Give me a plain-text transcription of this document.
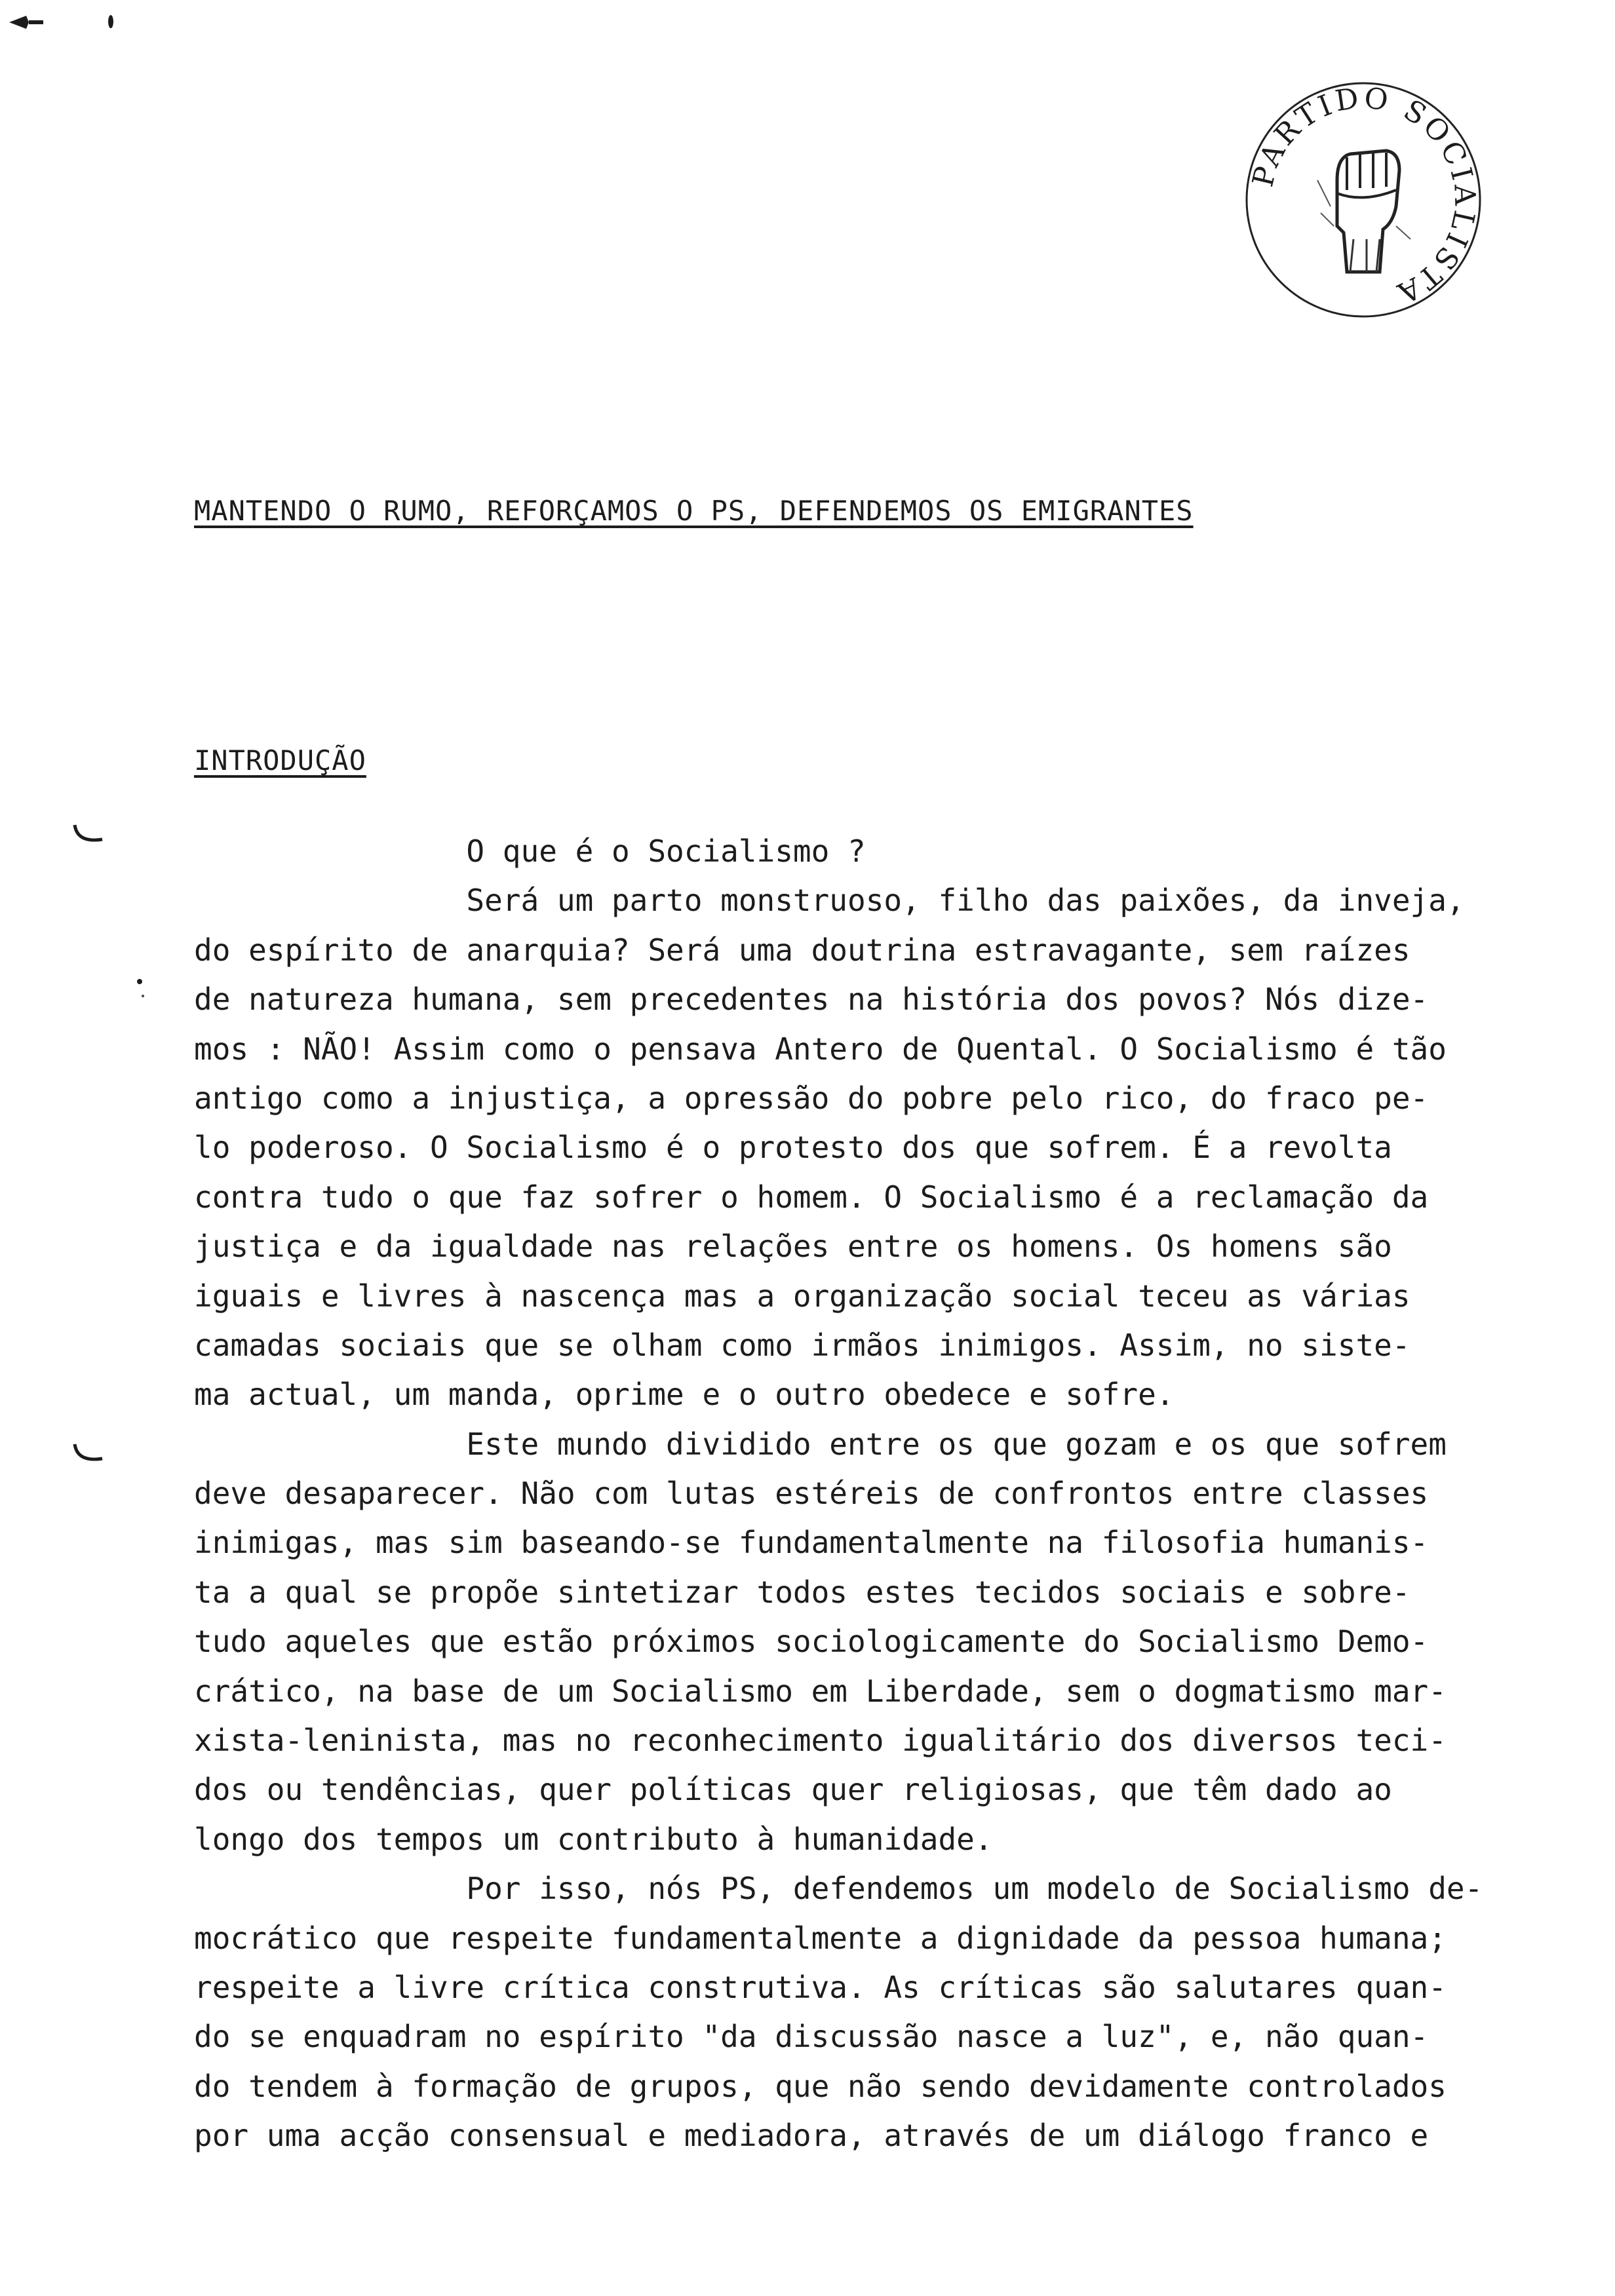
PARTIDO SOCIALISTA
MANTENDO O RUMO, REFORÇAMOS O PS, DEFENDEMOS OS EMIGRANTES
INTRODUÇÃO
O que é o Socialismo ?
Será um parto monstruoso, filho das paixões, da inveja,
do espírito de anarquia? Será uma doutrina estravagante, sem raízes
de natureza humana, sem precedentes na história dos povos? Nós dize-
mos : NÃO! Assim como o pensava Antero de Quental. O Socialismo é tão
antigo como a injustiça, a opressão do pobre pelo rico, do fraco pe-
lo poderoso. O Socialismo é o protesto dos que sofrem. É a revolta
contra tudo o que faz sofrer o homem. O Socialismo é a reclamação da
justiça e da igualdade nas relações entre os homens. Os homens são
iguais e livres à nascença mas a organização social teceu as várias
camadas sociais que se olham como irmãos inimigos. Assim, no siste-
ma actual, um manda, oprime e o outro obedece e sofre.
Este mundo dividido entre os que gozam e os que sofrem
deve desaparecer. Não com lutas estéreis de confrontos entre classes
inimigas, mas sim baseando-se fundamentalmente na filosofia humanis-
ta a qual se propõe sintetizar todos estes tecidos sociais e sobre-
tudo aqueles que estão próximos sociologicamente do Socialismo Demo-
crático, na base de um Socialismo em Liberdade, sem o dogmatismo mar-
xista-leninista, mas no reconhecimento igualitário dos diversos teci-
dos ou tendências, quer políticas quer religiosas, que têm dado ao
longo dos tempos um contributo à humanidade.
Por isso, nós PS, defendemos um modelo de Socialismo de-
mocrático que respeite fundamentalmente a dignidade da pessoa humana;
respeite a livre crítica construtiva. As críticas são salutares quan-
do se enquadram no espírito "da discussão nasce a luz", e, não quan-
do tendem à formação de grupos, que não sendo devidamente controlados
por uma acção consensual e mediadora, através de um diálogo franco e
